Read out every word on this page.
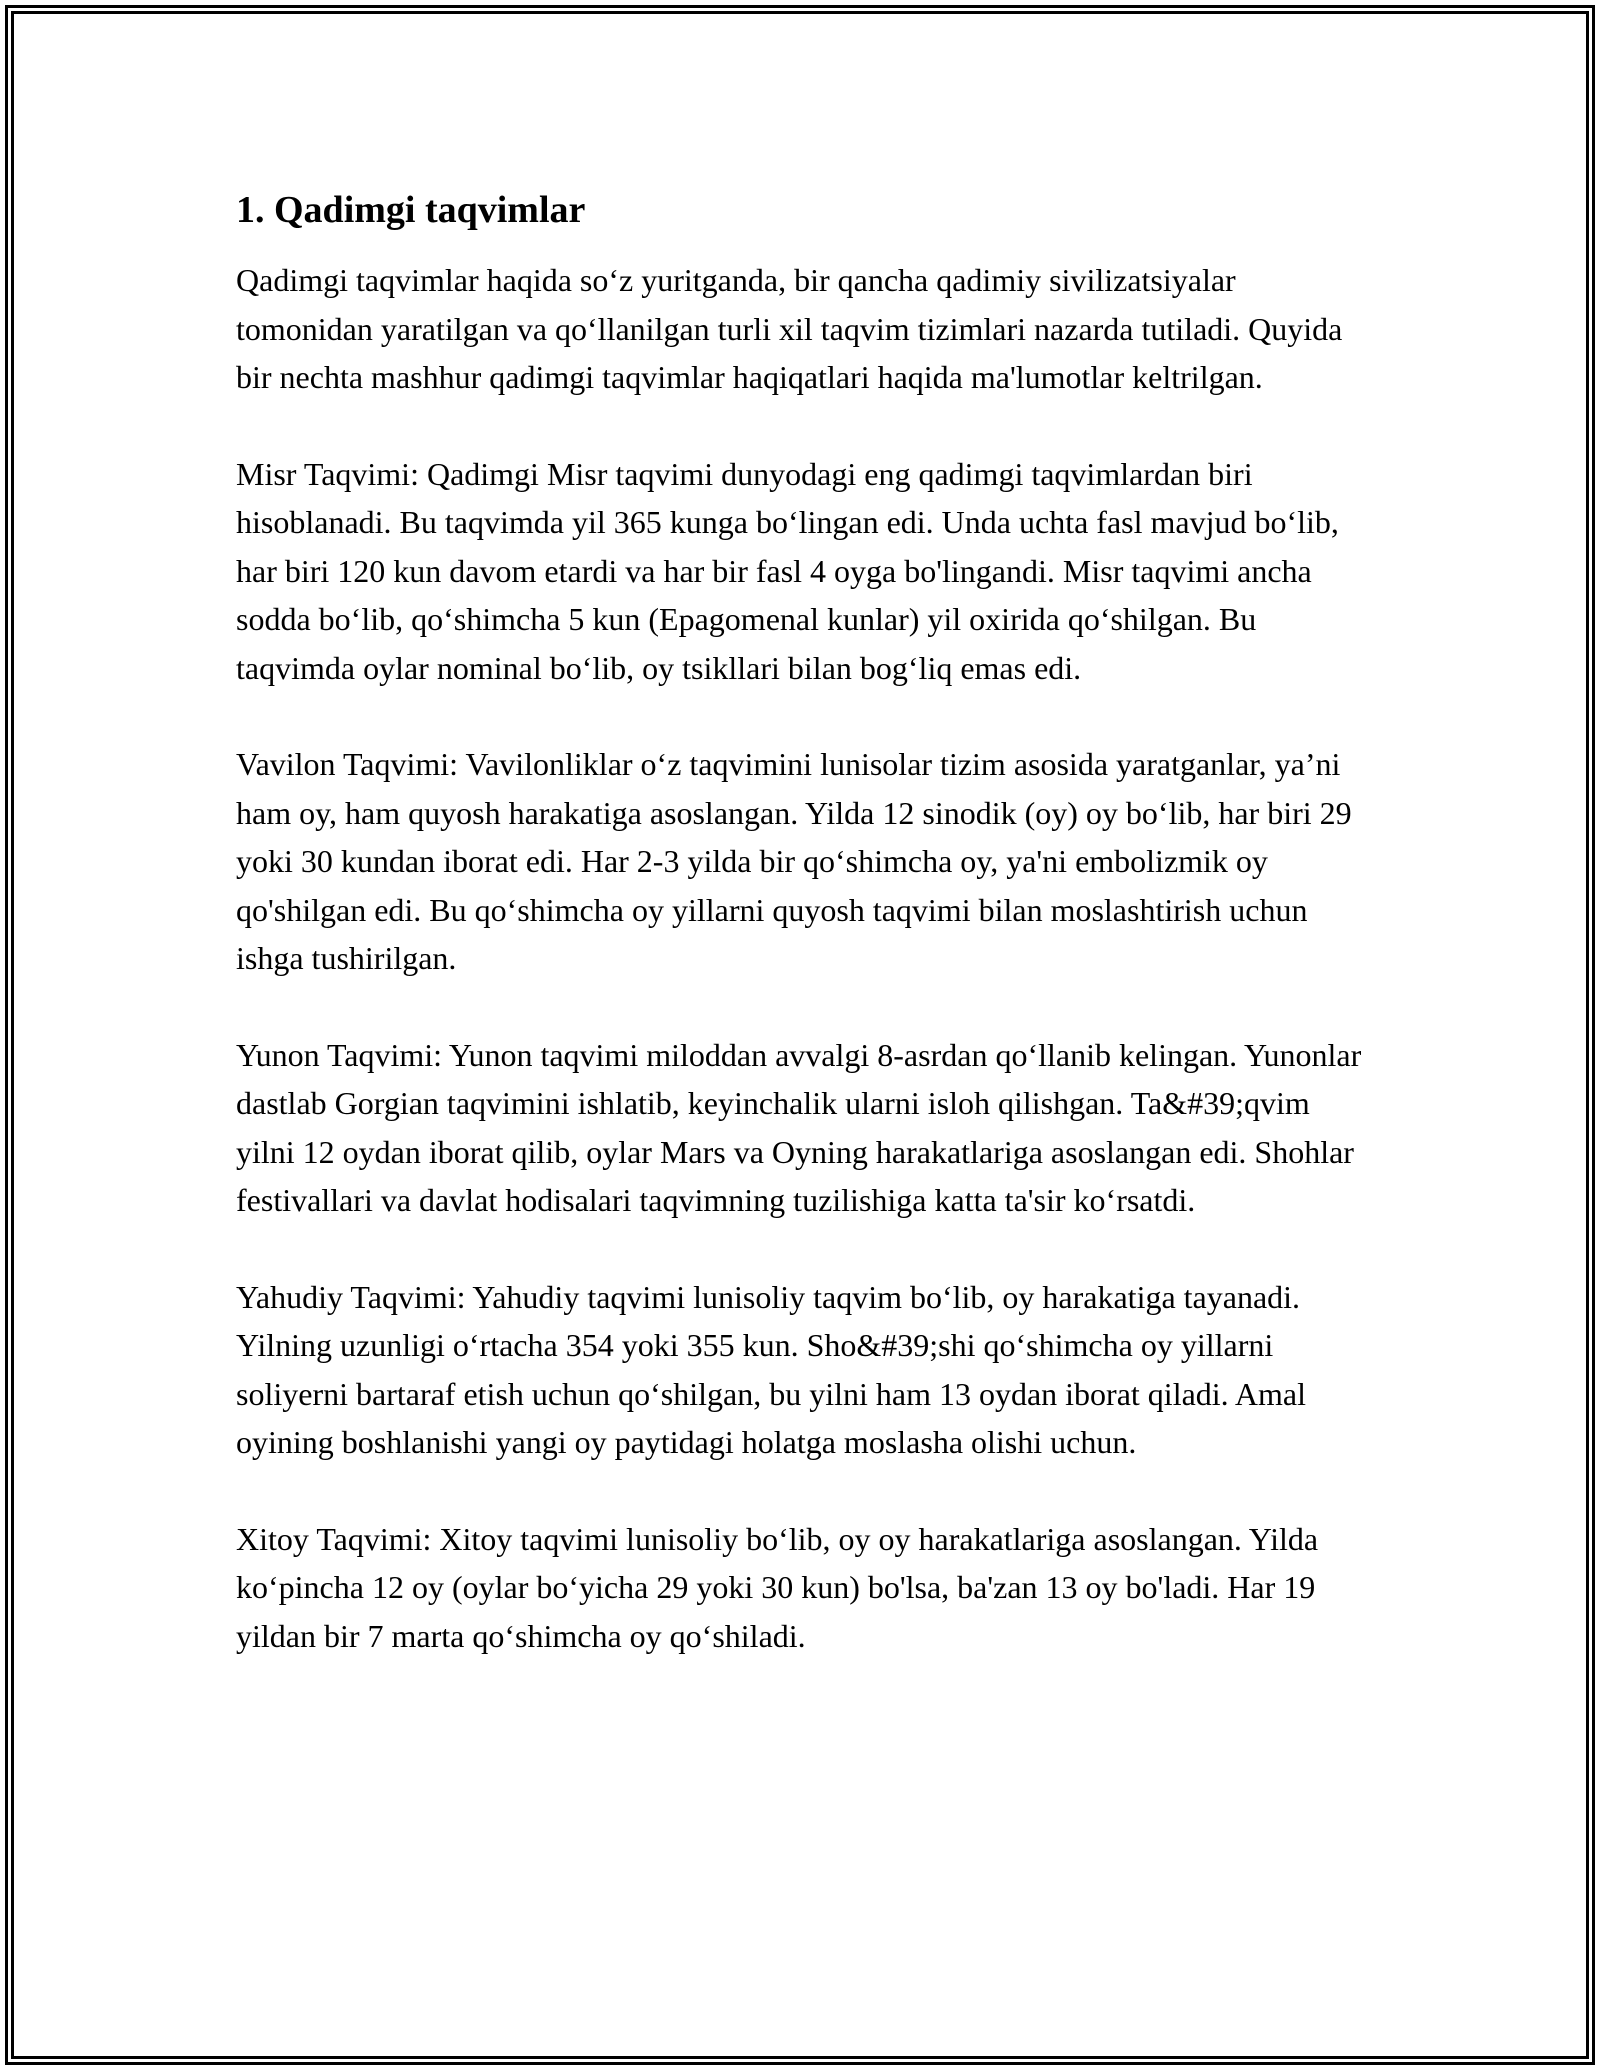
1. Qadimgi taqvimlar

Qadimgi taqvimlar haqida so‘z yuritganda, bir qancha qadimiy sivilizatsiyalar tomonidan yaratilgan va qo‘llanilgan turli xil taqvim tizimlari nazarda tutiladi. Quyida bir nechta mashhur qadimgi taqvimlar haqiqatlari haqida ma'lumotlar keltrilgan.

Misr Taqvimi: Qadimgi Misr taqvimi dunyodagi eng qadimgi taqvimlardan biri hisoblanadi. Bu taqvimda yil 365 kunga bo‘lingan edi. Unda uchta fasl mavjud bo‘lib, har biri 120 kun davom etardi va har bir fasl 4 oyga bo'lingandi. Misr taqvimi ancha sodda bo‘lib, qo‘shimcha 5 kun (Epagomenal kunlar) yil oxirida qo‘shilgan. Bu taqvimda oylar nominal bo‘lib, oy tsikllari bilan bog‘liq emas edi.

Vavilon Taqvimi: Vavilonliklar o‘z taqvimini lunisolar tizim asosida yaratganlar, ya’ni ham oy, ham quyosh harakatiga asoslangan. Yilda 12 sinodik (oy) oy bo‘lib, har biri 29 yoki 30 kundan iborat edi. Har 2-3 yilda bir qo‘shimcha oy, ya'ni embolizmik oy qo'shilgan edi. Bu qo‘shimcha oy yillarni quyosh taqvimi bilan moslashtirish uchun ishga tushirilgan.

Yunon Taqvimi: Yunon taqvimi miloddan avvalgi 8-asrdan qo‘llanib kelingan. Yunonlar dastlab Gorgian taqvimini ishlatib, keyinchalik ularni isloh qilishgan. Ta&#39;qvim yilni 12 oydan iborat qilib, oylar Mars va Oyning harakatlariga asoslangan edi. Shohlar festivallari va davlat hodisalari taqvimning tuzilishiga katta ta'sir ko‘rsatdi.

Yahudiy Taqvimi: Yahudiy taqvimi lunisoliy taqvim bo‘lib, oy harakatiga tayanadi. Yilning uzunligi o‘rtacha 354 yoki 355 kun. Sho&#39;shi qo‘shimcha oy yillarni soliyerni bartaraf etish uchun qo‘shilgan, bu yilni ham 13 oydan iborat qiladi. Amal oyining boshlanishi yangi oy paytidagi holatga moslasha olishi uchun.

Xitoy Taqvimi: Xitoy taqvimi lunisoliy bo‘lib, oy oy harakatlariga asoslangan. Yilda ko‘pincha 12 oy (oylar bo‘yicha 29 yoki 30 kun) bo'lsa, ba'zan 13 oy bo'ladi. Har 19 yildan bir 7 marta qo‘shimcha oy qo‘shiladi.
